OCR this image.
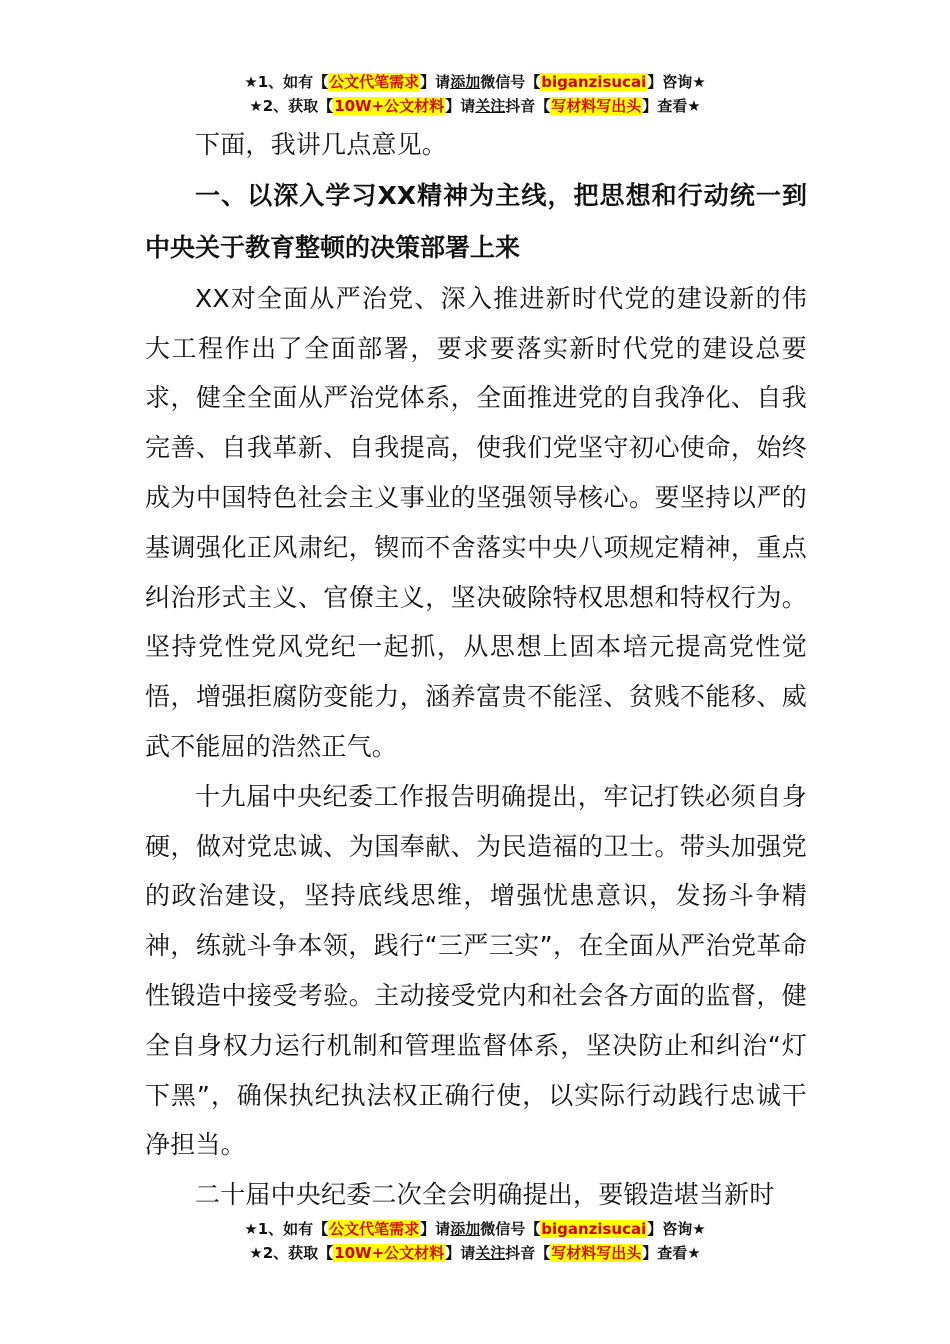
★1、如有【公文代笔需求】请添加微信号【biganzisucai】咨询★
★2、获取【10W+公文材料】请关注抖音【写材料写出头】查看★

下面，我讲几点意见。

一、以深入学习XX精神为主线，把思想和行动统一到中央关于教育整顿的决策部署上来

XX对全面从严治党、深入推进新时代党的建设新的伟大工程作出了全面部署，要求要落实新时代党的建设总要求，健全全面从严治党体系，全面推进党的自我净化、自我完善、自我革新、自我提高，使我们党坚守初心使命，始终成为中国特色社会主义事业的坚强领导核心。要坚持以严的基调强化正风肃纪，锲而不舍落实中央八项规定精神，重点纠治形式主义、官僚主义，坚决破除特权思想和特权行为。坚持党性党风党纪一起抓，从思想上固本培元提高党性觉悟，增强拒腐防变能力，涵养富贵不能淫、贫贱不能移、威武不能屈的浩然正气。

十九届中央纪委工作报告明确提出，牢记打铁必须自身硬，做对党忠诚、为国奉献、为民造福的卫士。带头加强党的政治建设，坚持底线思维，增强忧患意识，发扬斗争精神，练就斗争本领，践行“三严三实”，在全面从严治党革命性锻造中接受考验。主动接受党内和社会各方面的监督，健全自身权力运行机制和管理监督体系，坚决防止和纠治“灯下黑”，确保执纪执法权正确行使，以实际行动践行忠诚干净担当。

二十届中央纪委二次全会明确提出，要锻造堪当新时

★1、如有【公文代笔需求】请添加微信号【biganzisucai】咨询★
★2、获取【10W+公文材料】请关注抖音【写材料写出头】查看★
